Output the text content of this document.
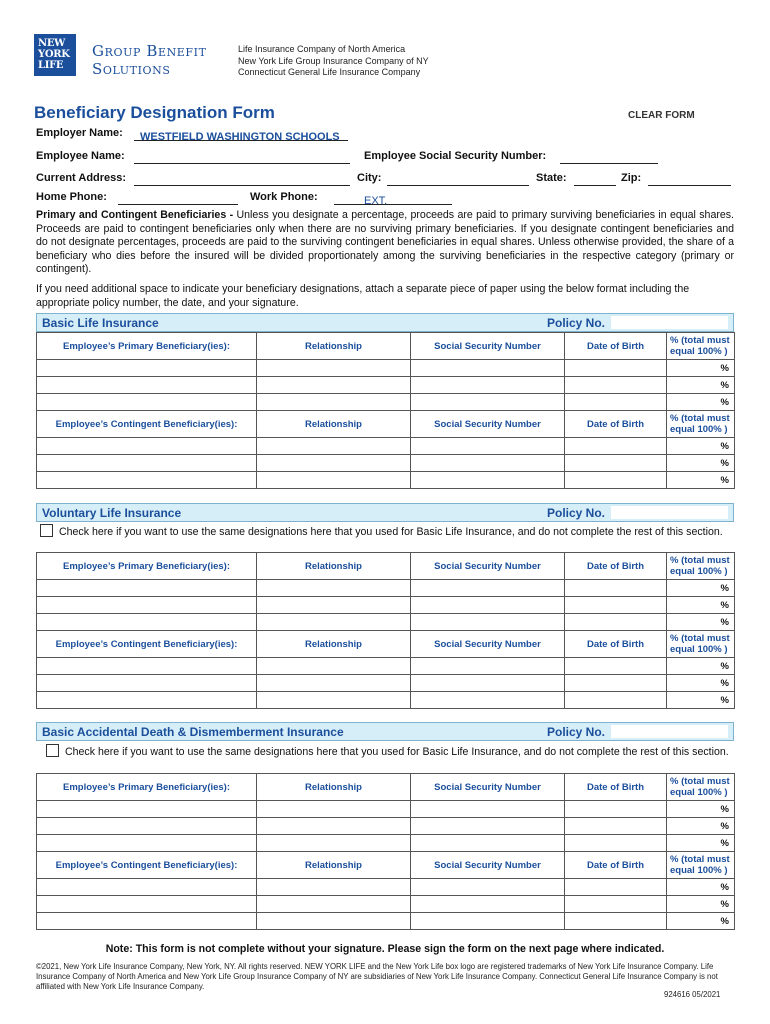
NEW YORK LIFE
Group Benefit
Solutions
Life Insurance Company of North America
New York Life Group Insurance Company of NY
Connecticut General Life Insurance Company
Beneficiary Designation Form	CLEAR FORM
Employer Name:	WESTFIELD WASHINGTON SCHOOLS
Employee Name:	Employee Social Security Number:
Current Address:	City:	State:	Zip:
Home Phone:	Work Phone:	EXT.
Primary and Contingent Beneficiaries - Unless you designate a percentage, proceeds are paid to primary surviving beneficiaries in equal shares. Proceeds are paid to contingent beneficiaries only when there are no surviving primary beneficiaries. If you designate contingent beneficiaries and do not designate percentages, proceeds are paid to the surviving contingent beneficiaries in equal shares. Unless otherwise provided, the share of a beneficiary who dies before the insured will be divided proportionately among the surviving beneficiaries in the respective category (primary or contingent).
If you need additional space to indicate your beneficiary designations, attach a separate piece of paper using the below format including the appropriate policy number, the date, and your signature.
Basic Life Insurance	Policy No.
Employee’s Primary Beneficiary(ies):	Relationship	Social Security Number	Date of Birth	% (total must equal 100% )
				%
				%
				%
Employee’s Contingent Beneficiary(ies):	Relationship	Social Security Number	Date of Birth	% (total must equal 100% )
				%
				%
				%
Voluntary Life Insurance	Policy No.
Check here if you want to use the same designations here that you used for Basic Life Insurance, and do not complete the rest of this section.
Employee’s Primary Beneficiary(ies):	Relationship	Social Security Number	Date of Birth	% (total must equal 100% )
				%
				%
				%
Employee’s Contingent Beneficiary(ies):	Relationship	Social Security Number	Date of Birth	% (total must equal 100% )
				%
				%
				%
Basic Accidental Death & Dismemberment Insurance	Policy No.
Check here if you want to use the same designations here that you used for Basic Life Insurance, and do not complete the rest of this section.
Employee’s Primary Beneficiary(ies):	Relationship	Social Security Number	Date of Birth	% (total must equal 100% )
				%
				%
				%
Employee’s Contingent Beneficiary(ies):	Relationship	Social Security Number	Date of Birth	% (total must equal 100% )
				%
				%
				%
Note: This form is not complete without your signature. Please sign the form on the next page where indicated.
©2021, New York Life Insurance Company, New York, NY. All rights reserved. NEW YORK LIFE and the New York Life box logo are registered trademarks of New York Life Insurance Company. Life Insurance Company of North America and New York Life Group Insurance Company of NY are subsidiaries of New York Life Insurance Company. Connecticut General Life Insurance Company is not affiliated with New York Life Insurance Company.
924616 05/2021
